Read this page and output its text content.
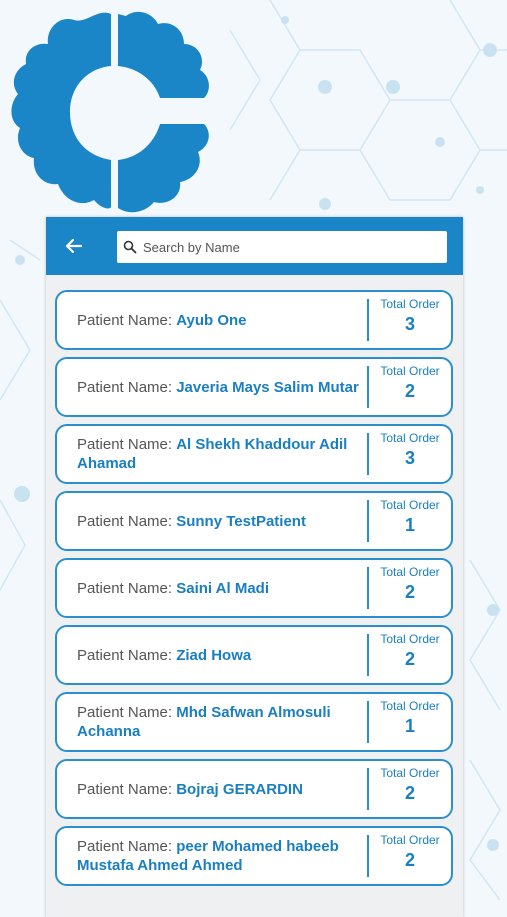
Search by Name
Patient Name: Ayub One
Total Order
3
Patient Name: Javeria Mays Salim Mutar
Total Order
2
Patient Name: Al Shekh Khaddour Adil Ahamad
Total Order
3
Patient Name: Sunny TestPatient
Total Order
1
Patient Name: Saini Al Madi
Total Order
2
Patient Name: Ziad Howa
Total Order
2
Patient Name: Mhd Safwan Almosuli Achanna
Total Order
1
Patient Name: Bojraj GERARDIN
Total Order
2
Patient Name: peer Mohamed habeeb Mustafa Ahmed Ahmed
Total Order
2
